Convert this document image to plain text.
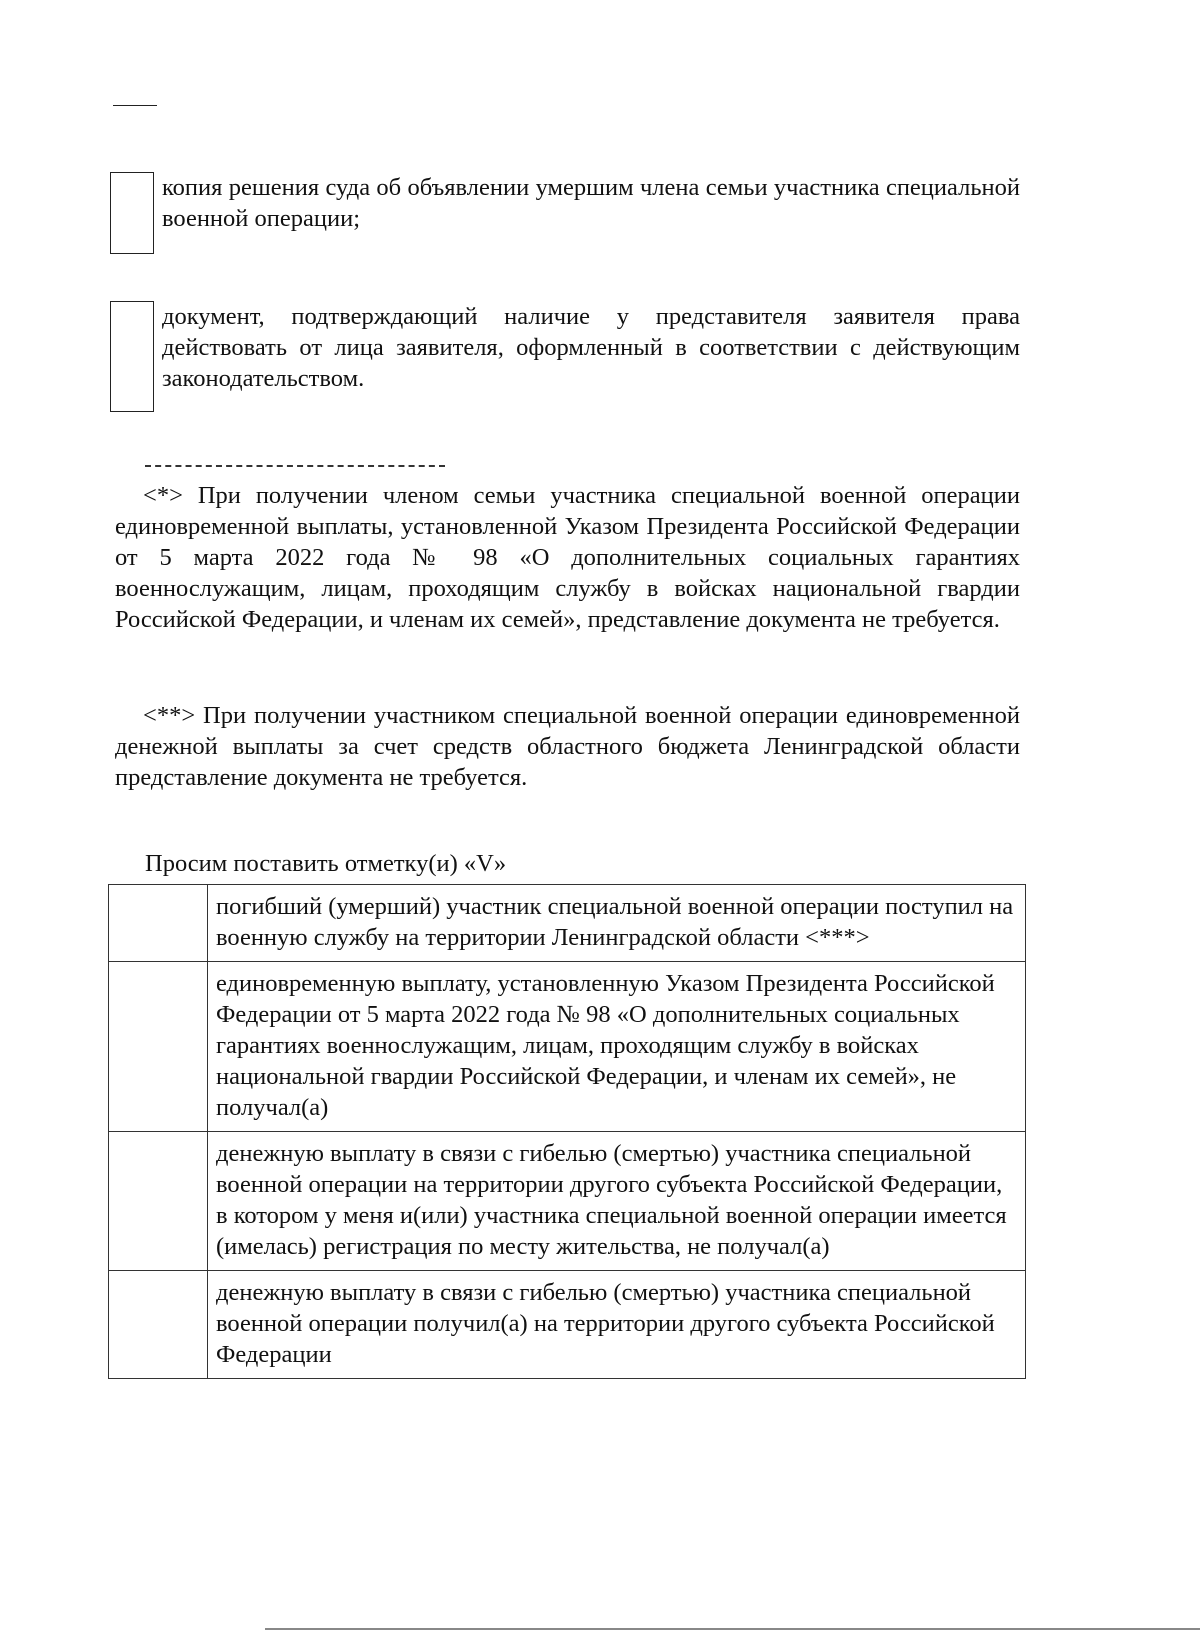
копия решения суда об объявлении умершим члена семьи участника специальной военной операции;
документ, подтверждающий наличие у представителя заявителя права действовать от лица заявителя, оформленный в соответствии с действующим законодательством.
<*> При получении членом семьи участника специальной военной операции единовременной выплаты, установленной Указом Президента Российской Федерации от 5 марта 2022 года № 98 «О дополнительных социальных гарантиях военнослужащим, лицам, проходящим службу в войсках национальной гвардии Российской Федерации, и членам их семей», представление документа не требуется.
<**> При получении участником специальной военной операции единовременной денежной выплаты за счет средств областного бюджета Ленинградской области представление документа не требуется.
Просим поставить отметку(и) «V»
	погибший (умерший) участник специальной военной операции поступил на военную службу на территории Ленинградской области <***>
	единовременную выплату, установленную Указом Президента Российской Федерации от 5 марта 2022 года № 98 «О дополнительных социальных гарантиях военнослужащим, лицам, проходящим службу в войсках национальной гвардии Российской Федерации, и членам их семей», не получал(а)
	денежную выплату в связи с гибелью (смертью) участника специальной военной операции на территории другого субъекта Российской Федерации, в котором у меня и(или) участника специальной военной операции имеется (имелась) регистрация по месту жительства, не получал(а)
	денежную выплату в связи с гибелью (смертью) участника специальной военной операции получил(а) на территории другого субъекта Российской Федерации
